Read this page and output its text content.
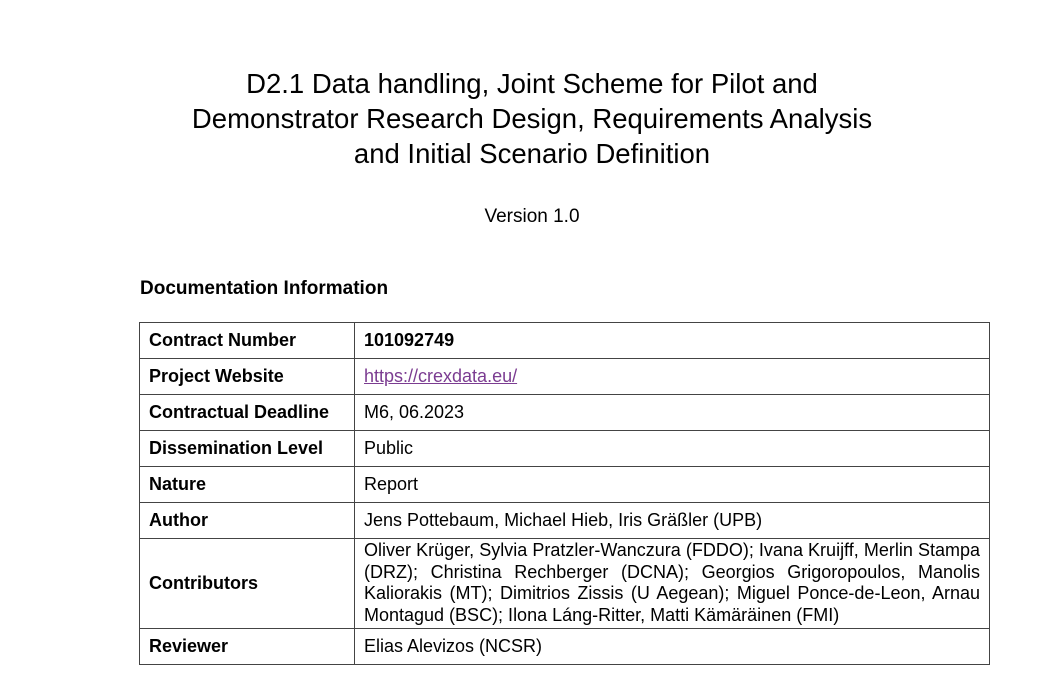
D2.1 Data handling, Joint Scheme for Pilot and
Demonstrator Research Design, Requirements Analysis
and Initial Scenario Definition
Version 1.0
Documentation Information
Contract Number	101092749
Project Website	https://crexdata.eu/
Contractual Deadline	M6, 06.2023
Dissemination Level	Public
Nature	Report
Author	Jens Pottebaum, Michael Hieb, Iris Gräßler (UPB)
Contributors	Oliver Krüger, Sylvia Pratzler-Wanczura (FDDO); Ivana Kruijff, Merlin Stampa (DRZ); Christina Rechberger (DCNA); Georgios Grigoropoulos, Manolis Kaliorakis (MT); Dimitrios Zissis (U Aegean); Miguel Ponce-de-Leon, Arnau Montagud (BSC); Ilona Láng-Ritter, Matti Kämäräinen (FMI)
Reviewer	Elias Alevizos (NCSR)
